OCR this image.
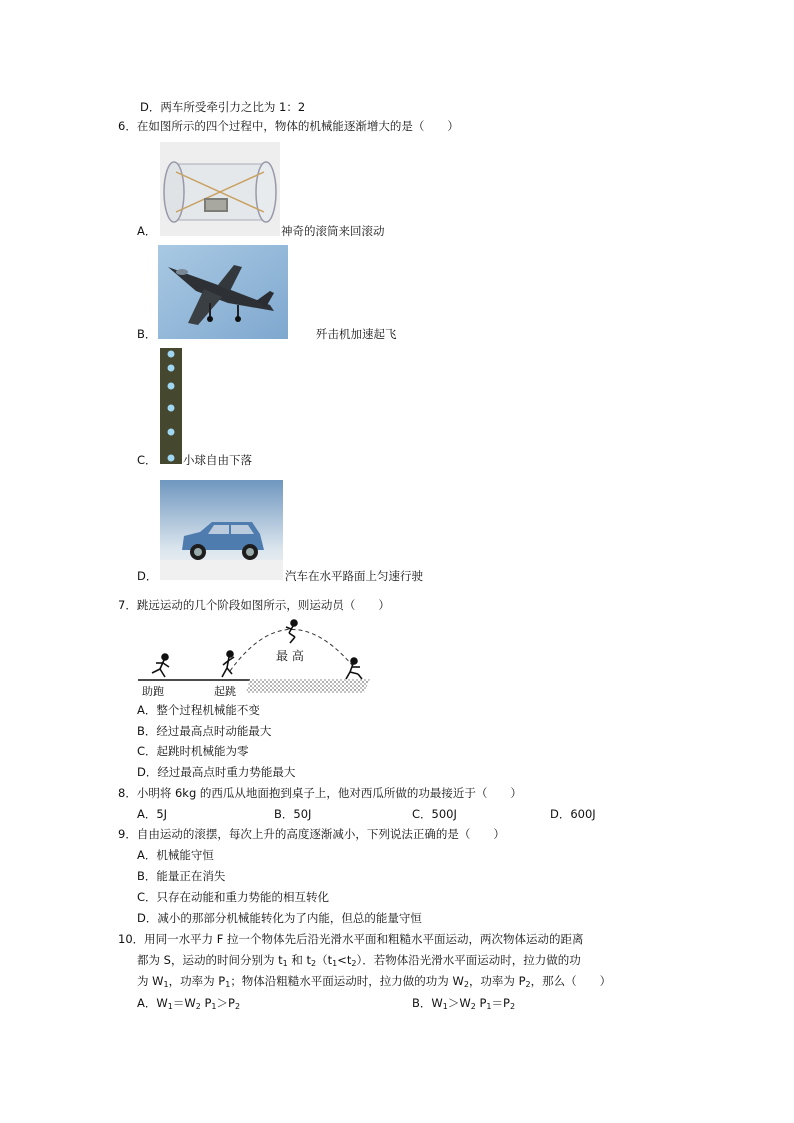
D．两车所受牵引力之比为 1：2
6．在如图所示的四个过程中，物体的机械能逐渐增大的是（　　）
A．	神奇的滚筒来回滚动
B．	歼击机加速起飞
C． 小球自由下落
D．	汽车在水平路面上匀速行驶
7．跳远运动的几个阶段如图所示，则运动员（　　）
最 高
助跑	起跳
A．整个过程机械能不变
B．经过最高点时动能最大
C．起跳时机械能为零
D．经过最高点时重力势能最大
8．小明将 6kg 的西瓜从地面抱到桌子上，他对西瓜所做的功最接近于（　　）
A．5J	B．50J	C．500J	D．600J
9．自由运动的滚摆，每次上升的高度逐渐减小，下列说法正确的是（　　）
A．机械能守恒
B．能量正在消失
C．只存在动能和重力势能的相互转化
D．减小的那部分机械能转化为了内能，但总的能量守恒
10．用同一水平力 F 拉一个物体先后沿光滑水平面和粗糙水平面运动，两次物体运动的距离
都为 S，运动的时间分别为 $t_1$ 和 $t_2(t_1<t_2)$．若物体沿光滑水平面运动时，拉力做的功
为 $W_1$，功率为 $P_1$；物体沿粗糙水平面运动时，拉力做的功为 $W_2$，功率为 $P_2$，那么（　　）
A．$W_1=W_2$ $P_1>P_2$	B．$W_1>W_2$ $P_1=P_2$
